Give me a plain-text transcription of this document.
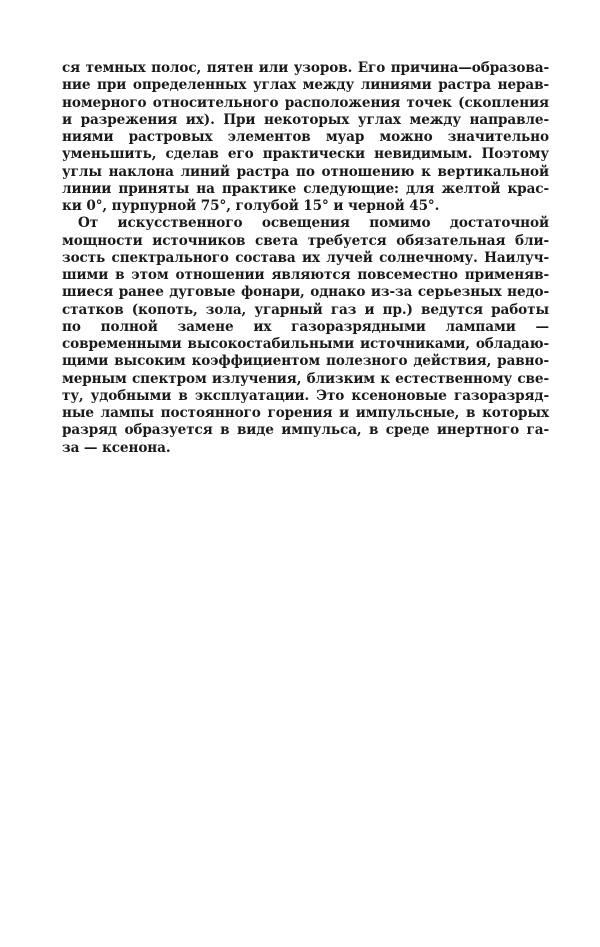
ся темных полос, пятен или узоров. Его причина—образова-
ние при определенных углах между линиями растра нерав-
номерного относительного расположения точек (скопления
и разрежения их). При некоторых углах между направле-
ниями растровых элементов муар можно значительно
уменьшить, сделав его практически невидимым. Поэтому
углы наклона линий растра по отношению к вертикальной
линии приняты на практике следующие: для желтой крас-
ки 0°, пурпурной 75°, голубой 15° и черной 45°.
От искусственного освещения помимо достаточной
мощности источников света требуется обязательная бли-
зость спектрального состава их лучей солнечному. Наилуч-
шими в этом отношении являются повсеместно применяв-
шиеся ранее дуговые фонари, однако из-за серьезных недо-
статков (копоть, зола, угарный газ и пр.) ведутся работы
по полной замене их газоразрядными лампами —
современными высокостабильными источниками, обладаю-
щими высоким коэффициентом полезного действия, равно-
мерным спектром излучения, близким к естественному све-
ту, удобными в эксплуатации. Это ксеноновые газоразряд-
ные лампы постоянного горения и импульсные, в которых
разряд образуется в виде импульса, в среде инертного га-
за — ксенона.
